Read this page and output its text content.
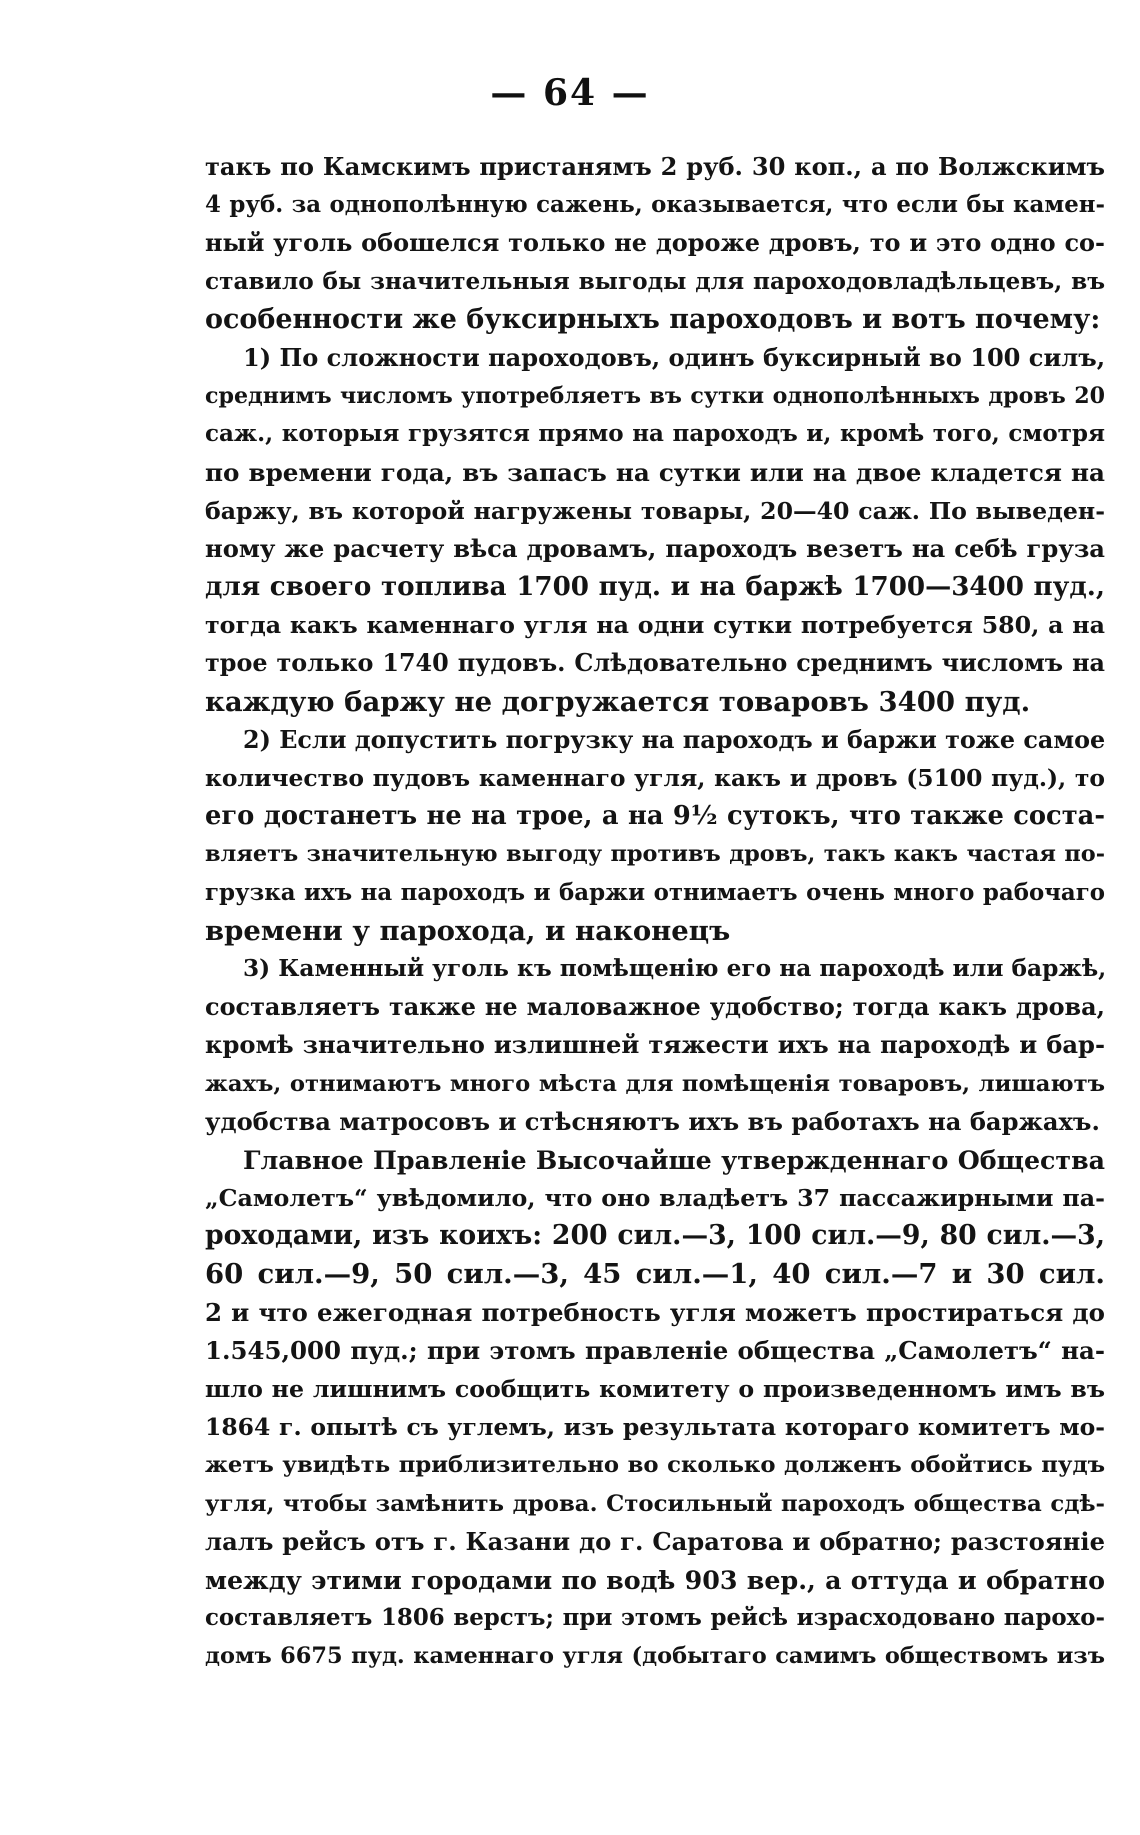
— 64 —
такъ по Камскимъ пристанямъ 2 руб. 30 коп., а по Волжскимъ
4 руб. за однополѣнную сажень, оказывается, что если бы камен-
ный уголь обошелся только не дороже дровъ, то и это одно со-
ставило бы значительныя выгоды для пароходовладѣльцевъ, въ
особенности же букcирныхъ пароходовъ и вотъ почему:
1) По сложности пароходовъ, одинъ буксирный во 100 силъ,
среднимъ числомъ употребляетъ въ сутки однополѣнныхъ дровъ 20
саж., которыя грузятся прямо на пароходъ и, кромѣ того, смотря
по времени года, въ запасъ на сутки или на двое кладется на
баржу, въ которой нагружены товары, 20—40 саж. По выведен-
ному же расчету вѣса дровамъ, пароходъ везетъ на себѣ груза
для своего топлива 1700 пуд. и на баржѣ 1700—3400 пуд.,
тогда какъ каменнаго угля на одни сутки потребуется 580, а на
трое только 1740 пудовъ. Слѣдовательно среднимъ числомъ на
каждую баржу не догружается товаровъ 3400 пуд.
2) Если допустить погрузку на пароходъ и баржи тоже самое
количество пудовъ каменнаго угля, какъ и дровъ (5100 пуд.), то
его достанетъ не на трое, а на 9½ сутокъ, что также соста-
вляетъ значительную выгоду противъ дровъ, такъ какъ частая по-
грузка ихъ на пароходъ и баржи отнимаетъ очень много рабочаго
времени у парохода, и наконецъ
3) Каменный уголь къ помѣщенію его на пароходѣ или баржѣ,
составляетъ также не маловажное удобство; тогда какъ дрова,
кромѣ значительно излишней тяжести ихъ на пароходѣ и бар-
жахъ, отнимаютъ много мѣста для помѣщенія товаровъ, лишаютъ
удобства матросовъ и стѣсняютъ ихъ въ работахъ на баржахъ.
Главное Правленіе Высочайше утвержденнаго Общества
„Самолетъ“ увѣдомило, что оно владѣетъ 37 пассажирными па-
роходами, изъ коихъ: 200 сил.—3, 100 сил.—9, 80 сил.—3,
60 сил.—9, 50 сил.—3, 45 сил.—1, 40 сил.—7 и 30 сил.
2 и что ежегодная потребность угля можетъ простираться до
1.545,000 пуд.; при этомъ правленіе общества „Самолетъ“ на-
шло не лишнимъ сообщить комитету о произведенномъ имъ въ
1864 г. опытѣ съ углемъ, изъ результата котораго комитетъ мо-
жетъ увидѣть приблизительно во сколько долженъ обойтись пудъ
угля, чтобы замѣнить дрова. Стосильный пароходъ общества сдѣ-
лалъ рейсъ отъ г. Казани до г. Саратова и обратно; разстояніе
между этими городами по водѣ 903 вер., а оттуда и обратно
составляетъ 1806 верстъ; при этомъ рейсѣ израсходовано парохо-
домъ 6675 пуд. каменнаго угля (добытаго самимъ обществомъ изъ
